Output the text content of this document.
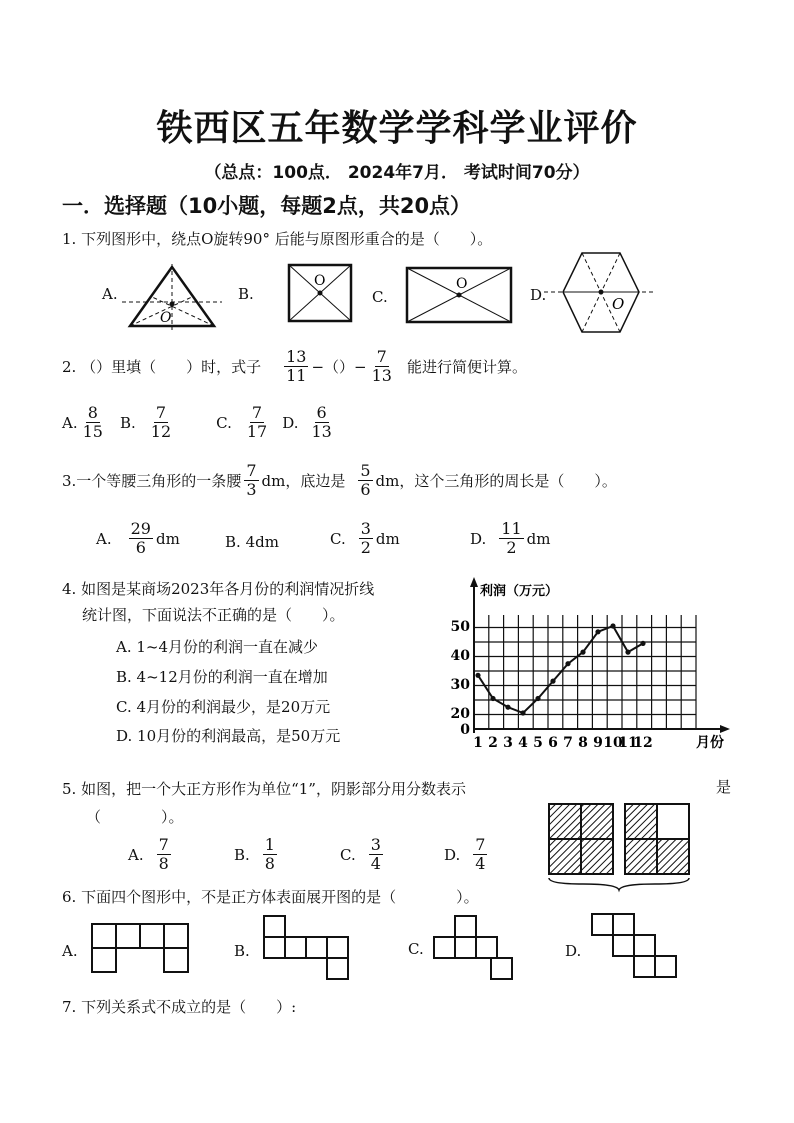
铁西区五年数学学科学业评价
（总点：100点． 2024年7月． 考试时间70分）
一．选择题（10小题，每题2点，共20点）
1. 下列图形中，绕点O旋转90° 后能与原图形重合的是（　　）。
A.	B.	C.	D.
O
O	O
O
2. （）里填（　　）时，式子 $\frac{13}{11}$ −（）− $\frac{7}{13}$ 能进行简便计算。
A. $\frac{8}{15} B$. $\frac{7}{12}$	C. $\frac{7}{17} D$. $\frac{6}{13}$
3.一个等腰三角形的一条腰 $\frac{7}{3}$ dm，底边是 $\frac{5}{6}$ dm，这个三角形的周长是（　　）。
A. $\frac{29}{6}$ dm	B. 4dm	C. $\frac{3}{2}$ dm	D. $\frac{11}{2}$ dm
4. 如图是某商场2023年各月份的利润情况折线
统计图，下面说法不正确的是（　　）。
A. 1~4月份的利润一直在减少
B. 4~12月份的利润一直在增加
C. 4月份的利润最少，是20万元
D. 10月份的利润最高，是50万元
利润（万元）
月份
0
20
30
40
50
1 2 3 4 5 6 7 8 9 10
11
12
5. 如图，把一个大正方形作为单位“1”，阴影部分用分数表示	是
（　　　　）。
A. $\frac{7}{8}$	B. $\frac{1}{8}$	C. $\frac{3}{4}$	D. $\frac{7}{4}$
6. 下面四个图形中，不是正方体表面展开图的是（　　　　）。
A.	B.	C.	D.
7. 下列关系式不成立的是（　　）:
